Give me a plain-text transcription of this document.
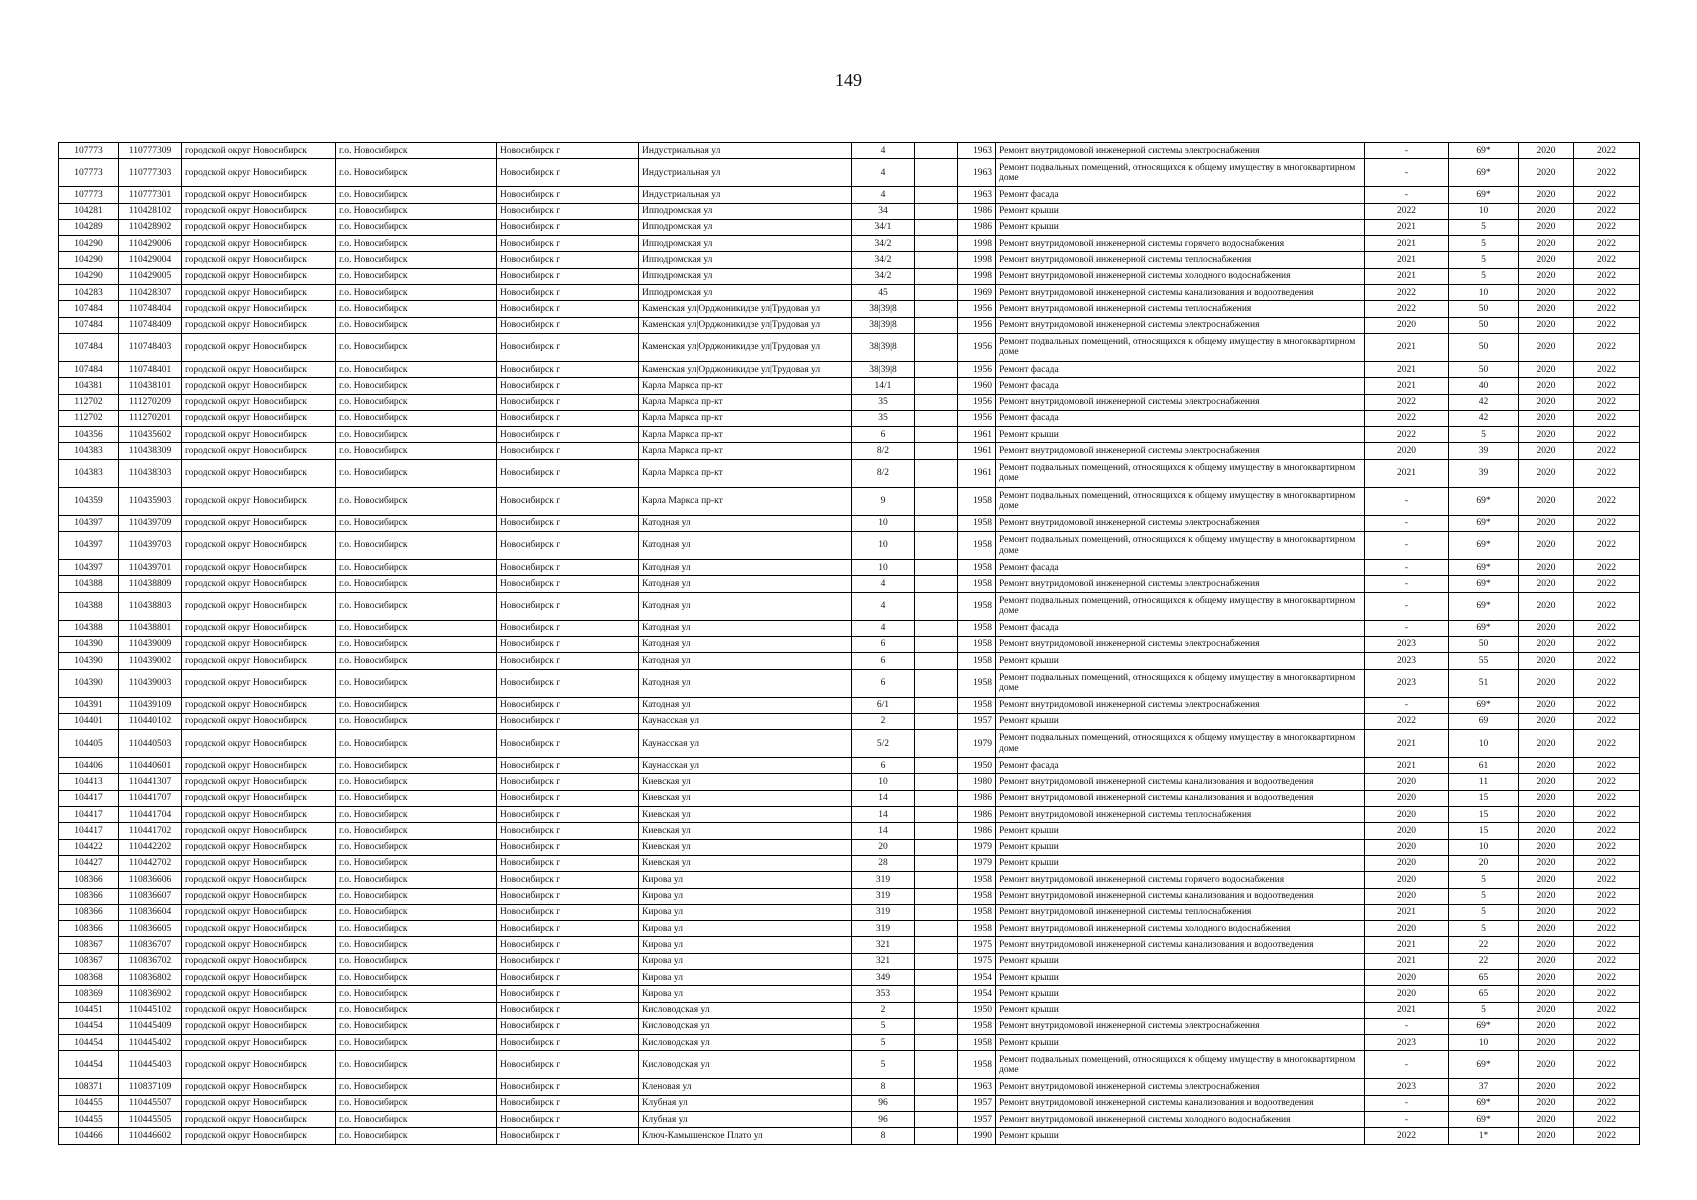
149
107773	110777309	городской округ Новосибирск	г.о. Новосибирск	Новосибирск г	Индустриальная ул	4		1963	Ремонт внутридомовой инженерной системы электроснабжения	-	69*	2020	2022
107773	110777303	городской округ Новосибирск	г.о. Новосибирск	Новосибирск г	Индустриальная ул	4		1963	Ремонт подвальных помещений, относящихся к общему имуществу в многоквартирном доме	-	69*	2020	2022
107773	110777301	городской округ Новосибирск	г.о. Новосибирск	Новосибирск г	Индустриальная ул	4		1963	Ремонт фасада	-	69*	2020	2022
104281	110428102	городской округ Новосибирск	г.о. Новосибирск	Новосибирск г	Ипподромская ул	34		1986	Ремонт крыши	2022	10	2020	2022
104289	110428902	городской округ Новосибирск	г.о. Новосибирск	Новосибирск г	Ипподромская ул	34/1		1986	Ремонт крыши	2021	5	2020	2022
104290	110429006	городской округ Новосибирск	г.о. Новосибирск	Новосибирск г	Ипподромская ул	34/2		1998	Ремонт внутридомовой инженерной системы горячего водоснабжения	2021	5	2020	2022
104290	110429004	городской округ Новосибирск	г.о. Новосибирск	Новосибирск г	Ипподромская ул	34/2		1998	Ремонт внутридомовой инженерной системы теплоснабжения	2021	5	2020	2022
104290	110429005	городской округ Новосибирск	г.о. Новосибирск	Новосибирск г	Ипподромская ул	34/2		1998	Ремонт внутридомовой инженерной системы холодного водоснабжения	2021	5	2020	2022
104283	110428307	городской округ Новосибирск	г.о. Новосибирск	Новосибирск г	Ипподромская ул	45		1969	Ремонт внутридомовой инженерной системы канализования и водоотведения	2022	10	2020	2022
107484	110748404	городской округ Новосибирск	г.о. Новосибирск	Новосибирск г	Каменская ул|Орджоникидзе ул|Трудовая ул	38|39|8		1956	Ремонт внутридомовой инженерной системы теплоснабжения	2022	50	2020	2022
107484	110748409	городской округ Новосибирск	г.о. Новосибирск	Новосибирск г	Каменская ул|Орджоникидзе ул|Трудовая ул	38|39|8		1956	Ремонт внутридомовой инженерной системы электроснабжения	2020	50	2020	2022
107484	110748403	городской округ Новосибирск	г.о. Новосибирск	Новосибирск г	Каменская ул|Орджоникидзе ул|Трудовая ул	38|39|8		1956	Ремонт подвальных помещений, относящихся к общему имуществу в многоквартирном доме	2021	50	2020	2022
107484	110748401	городской округ Новосибирск	г.о. Новосибирск	Новосибирск г	Каменская ул|Орджоникидзе ул|Трудовая ул	38|39|8		1956	Ремонт фасада	2021	50	2020	2022
104381	110438101	городской округ Новосибирск	г.о. Новосибирск	Новосибирск г	Карла Маркса пр-кт	14/1		1960	Ремонт фасада	2021	40	2020	2022
112702	111270209	городской округ Новосибирск	г.о. Новосибирск	Новосибирск г	Карла Маркса пр-кт	35		1956	Ремонт внутридомовой инженерной системы электроснабжения	2022	42	2020	2022
112702	111270201	городской округ Новосибирск	г.о. Новосибирск	Новосибирск г	Карла Маркса пр-кт	35		1956	Ремонт фасада	2022	42	2020	2022
104356	110435602	городской округ Новосибирск	г.о. Новосибирск	Новосибирск г	Карла Маркса пр-кт	6		1961	Ремонт крыши	2022	5	2020	2022
104383	110438309	городской округ Новосибирск	г.о. Новосибирск	Новосибирск г	Карла Маркса пр-кт	8/2		1961	Ремонт внутридомовой инженерной системы электроснабжения	2020	39	2020	2022
104383	110438303	городской округ Новосибирск	г.о. Новосибирск	Новосибирск г	Карла Маркса пр-кт	8/2		1961	Ремонт подвальных помещений, относящихся к общему имуществу в многоквартирном доме	2021	39	2020	2022
104359	110435903	городской округ Новосибирск	г.о. Новосибирск	Новосибирск г	Карла Маркса пр-кт	9		1958	Ремонт подвальных помещений, относящихся к общему имуществу в многоквартирном доме	-	69*	2020	2022
104397	110439709	городской округ Новосибирск	г.о. Новосибирск	Новосибирск г	Катодная ул	10		1958	Ремонт внутридомовой инженерной системы электроснабжения	-	69*	2020	2022
104397	110439703	городской округ Новосибирск	г.о. Новосибирск	Новосибирск г	Катодная ул	10		1958	Ремонт подвальных помещений, относящихся к общему имуществу в многоквартирном доме	-	69*	2020	2022
104397	110439701	городской округ Новосибирск	г.о. Новосибирск	Новосибирск г	Катодная ул	10		1958	Ремонт фасада	-	69*	2020	2022
104388	110438809	городской округ Новосибирск	г.о. Новосибирск	Новосибирск г	Катодная ул	4		1958	Ремонт внутридомовой инженерной системы электроснабжения	-	69*	2020	2022
104388	110438803	городской округ Новосибирск	г.о. Новосибирск	Новосибирск г	Катодная ул	4		1958	Ремонт подвальных помещений, относящихся к общему имуществу в многоквартирном доме	-	69*	2020	2022
104388	110438801	городской округ Новосибирск	г.о. Новосибирск	Новосибирск г	Катодная ул	4		1958	Ремонт фасада	-	69*	2020	2022
104390	110439009	городской округ Новосибирск	г.о. Новосибирск	Новосибирск г	Катодная ул	6		1958	Ремонт внутридомовой инженерной системы электроснабжения	2023	50	2020	2022
104390	110439002	городской округ Новосибирск	г.о. Новосибирск	Новосибирск г	Катодная ул	6		1958	Ремонт крыши	2023	55	2020	2022
104390	110439003	городской округ Новосибирск	г.о. Новосибирск	Новосибирск г	Катодная ул	6		1958	Ремонт подвальных помещений, относящихся к общему имуществу в многоквартирном доме	2023	51	2020	2022
104391	110439109	городской округ Новосибирск	г.о. Новосибирск	Новосибирск г	Катодная ул	6/1		1958	Ремонт внутридомовой инженерной системы электроснабжения	-	69*	2020	2022
104401	110440102	городской округ Новосибирск	г.о. Новосибирск	Новосибирск г	Каунасская ул	2		1957	Ремонт крыши	2022	69	2020	2022
104405	110440503	городской округ Новосибирск	г.о. Новосибирск	Новосибирск г	Каунасская ул	5/2		1979	Ремонт подвальных помещений, относящихся к общему имуществу в многоквартирном доме	2021	10	2020	2022
104406	110440601	городской округ Новосибирск	г.о. Новосибирск	Новосибирск г	Каунасская ул	6		1950	Ремонт фасада	2021	61	2020	2022
104413	110441307	городской округ Новосибирск	г.о. Новосибирск	Новосибирск г	Киевская ул	10		1980	Ремонт внутридомовой инженерной системы канализования и водоотведения	2020	11	2020	2022
104417	110441707	городской округ Новосибирск	г.о. Новосибирск	Новосибирск г	Киевская ул	14		1986	Ремонт внутридомовой инженерной системы канализования и водоотведения	2020	15	2020	2022
104417	110441704	городской округ Новосибирск	г.о. Новосибирск	Новосибирск г	Киевская ул	14		1986	Ремонт внутридомовой инженерной системы теплоснабжения	2020	15	2020	2022
104417	110441702	городской округ Новосибирск	г.о. Новосибирск	Новосибирск г	Киевская ул	14		1986	Ремонт крыши	2020	15	2020	2022
104422	110442202	городской округ Новосибирск	г.о. Новосибирск	Новосибирск г	Киевская ул	20		1979	Ремонт крыши	2020	10	2020	2022
104427	110442702	городской округ Новосибирск	г.о. Новосибирск	Новосибирск г	Киевская ул	28		1979	Ремонт крыши	2020	20	2020	2022
108366	110836606	городской округ Новосибирск	г.о. Новосибирск	Новосибирск г	Кирова ул	319		1958	Ремонт внутридомовой инженерной системы горячего водоснабжения	2020	5	2020	2022
108366	110836607	городской округ Новосибирск	г.о. Новосибирск	Новосибирск г	Кирова ул	319		1958	Ремонт внутридомовой инженерной системы канализования и водоотведения	2020	5	2020	2022
108366	110836604	городской округ Новосибирск	г.о. Новосибирск	Новосибирск г	Кирова ул	319		1958	Ремонт внутридомовой инженерной системы теплоснабжения	2021	5	2020	2022
108366	110836605	городской округ Новосибирск	г.о. Новосибирск	Новосибирск г	Кирова ул	319		1958	Ремонт внутридомовой инженерной системы холодного водоснабжения	2020	5	2020	2022
108367	110836707	городской округ Новосибирск	г.о. Новосибирск	Новосибирск г	Кирова ул	321		1975	Ремонт внутридомовой инженерной системы канализования и водоотведения	2021	22	2020	2022
108367	110836702	городской округ Новосибирск	г.о. Новосибирск	Новосибирск г	Кирова ул	321		1975	Ремонт крыши	2021	22	2020	2022
108368	110836802	городской округ Новосибирск	г.о. Новосибирск	Новосибирск г	Кирова ул	349		1954	Ремонт крыши	2020	65	2020	2022
108369	110836902	городской округ Новосибирск	г.о. Новосибирск	Новосибирск г	Кирова ул	353		1954	Ремонт крыши	2020	65	2020	2022
104451	110445102	городской округ Новосибирск	г.о. Новосибирск	Новосибирск г	Кисловодская ул	2		1950	Ремонт крыши	2021	5	2020	2022
104454	110445409	городской округ Новосибирск	г.о. Новосибирск	Новосибирск г	Кисловодская ул	5		1958	Ремонт внутридомовой инженерной системы электроснабжения	-	69*	2020	2022
104454	110445402	городской округ Новосибирск	г.о. Новосибирск	Новосибирск г	Кисловодская ул	5		1958	Ремонт крыши	2023	10	2020	2022
104454	110445403	городской округ Новосибирск	г.о. Новосибирск	Новосибирск г	Кисловодская ул	5		1958	Ремонт подвальных помещений, относящихся к общему имуществу в многоквартирном доме	-	69*	2020	2022
108371	110837109	городской округ Новосибирск	г.о. Новосибирск	Новосибирск г	Кленовая ул	8		1963	Ремонт внутридомовой инженерной системы электроснабжения	2023	37	2020	2022
104455	110445507	городской округ Новосибирск	г.о. Новосибирск	Новосибирск г	Клубная ул	96		1957	Ремонт внутридомовой инженерной системы канализования и водоотведения	-	69*	2020	2022
104455	110445505	городской округ Новосибирск	г.о. Новосибирск	Новосибирск г	Клубная ул	96		1957	Ремонт внутридомовой инженерной системы холодного водоснабжения	-	69*	2020	2022
104466	110446602	городской округ Новосибирск	г.о. Новосибирск	Новосибирск г	Ключ-Камышенское Плато ул	8		1990	Ремонт крыши	2022	1*	2020	2022
